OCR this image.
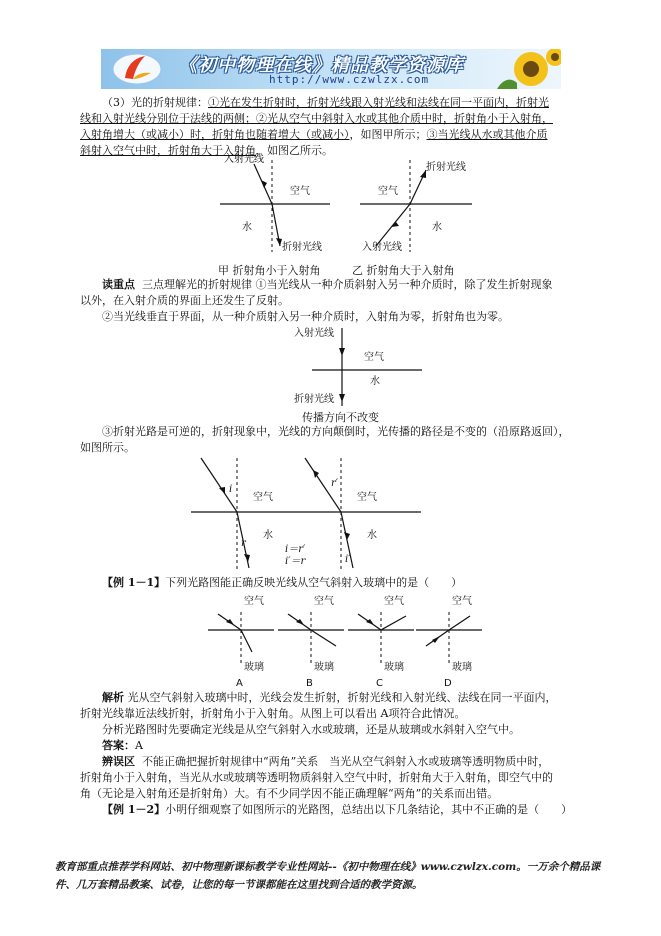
《初中物理在线》精品教学资源库
http://www.czwlzx.com
（3）光的折射规律：①光在发生折射时，折射光线跟入射光线和法线在同一平面内，折射光
线和入射光线分别位于法线的两侧；②光从空气中斜射入水或其他介质中时，折射角小于入射角，
入射角增大（或减小）时，折射角也随着增大（或减小），如图甲所示；③当光线从水或其他介质
斜射入空气中时，折射角大于入射角，如图乙所示。
入射光线
空气
水
折射光线
折射光线
空气
水
入射光线
甲 折射角小于入射角	乙 折射角大于入射角
读重点 三点理解光的折射规律 ①当光线从一种介质斜射入另一种介质时，除了发生折射现象
以外，在入射介质的界面上还发生了反射。
②当光线垂直于界面，从一种介质射入另一种介质时，入射角为零，折射角也为零。
入射光线
空气
水
折射光线
传播方向不改变
③折射光路是可逆的，折射现象中，光线的方向颠倒时，光传播的路径是不变的（沿原路返回），
如图所示。
i
空气
水
r
r′
空气
水
i′
i＝r′
i′＝r
【例 1－1】下列光路图能正确反映光线从空气斜射入玻璃中的是（　　）
空气
玻璃
空气
玻璃
空气
玻璃
空气
玻璃
A	B	C	D
解析 光从空气斜射入玻璃中时，光线会发生折射，折射光线和入射光线、法线在同一平面内，
折射光线靠近法线折射，折射角小于入射角。从图上可以看出 A项符合此情况。
分析光路图时先要确定光线是从空气斜射入水或玻璃，还是从玻璃或水斜射入空气中。
答案：A
辨误区 不能正确把握折射规律中“两角”关系　当光从空气斜射入水或玻璃等透明物质中时，
折射角小于入射角，当光从水或玻璃等透明物质斜射入空气中时，折射角大于入射角，即空气中的
角（无论是入射角还是折射角）大。有不少同学因不能正确理解“两角”的关系而出错。
【例 1－2】小明仔细观察了如图所示的光路图，总结出以下几条结论，其中不正确的是（　　）
教育部重点推荐学科网站、初中物理新课标教学专业性网站--《初中物理在线》www.czwlzx.com。一万余个精品课
件、几万套精品教案、试卷，让您的每一节课都能在这里找到合适的教学资源。
